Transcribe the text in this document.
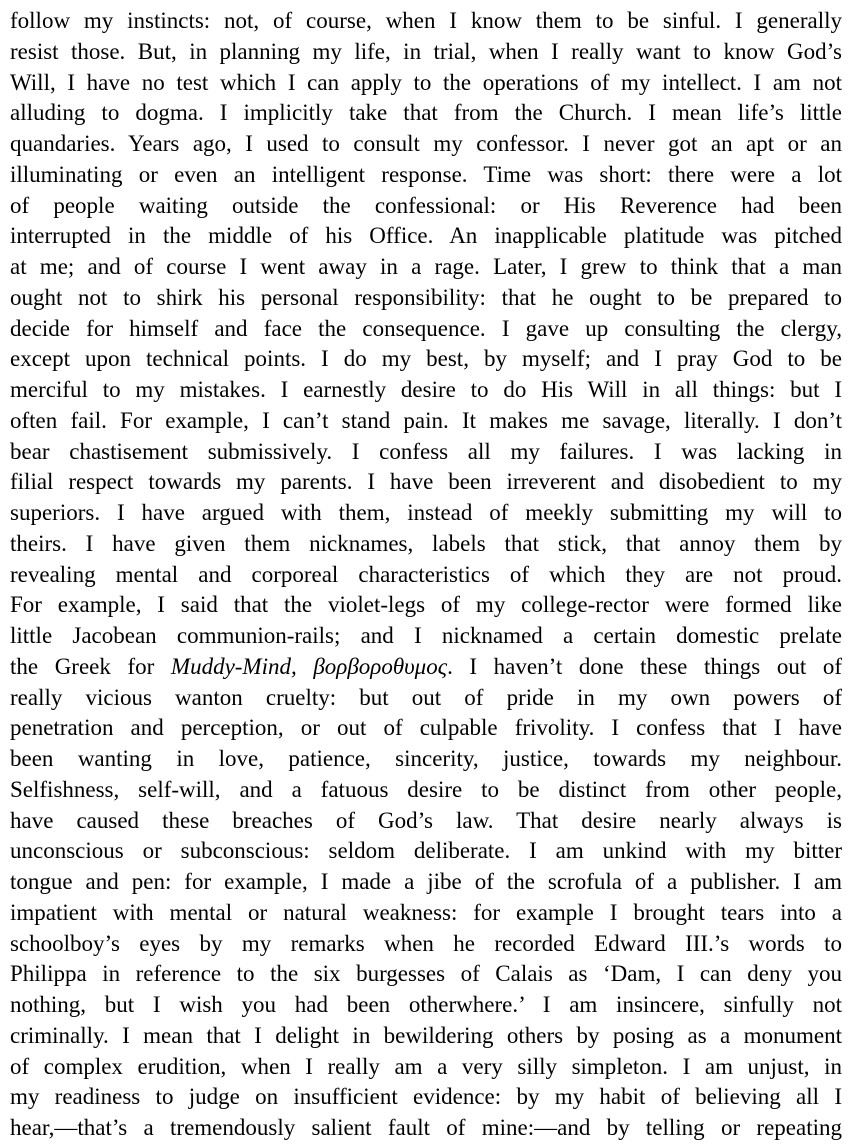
follow my instincts: not, of course, when I know them to be sinful. I generally
resist those. But, in planning my life, in trial, when I really want to know God’s
Will, I have no test which I can apply to the operations of my intellect. I am not
alluding to dogma. I implicitly take that from the Church. I mean life’s little
quandaries. Years ago, I used to consult my confessor. I never got an apt or an
illuminating or even an intelligent response. Time was short: there were a lot
of people waiting outside the confessional: or His Reverence had been
interrupted in the middle of his Office. An inapplicable platitude was pitched
at me; and of course I went away in a rage. Later, I grew to think that a man
ought not to shirk his personal responsibility: that he ought to be prepared to
decide for himself and face the consequence. I gave up consulting the clergy,
except upon technical points. I do my best, by myself; and I pray God to be
merciful to my mistakes. I earnestly desire to do His Will in all things: but I
often fail. For example, I can’t stand pain. It makes me savage, literally. I don’t
bear chastisement submissively. I confess all my failures. I was lacking in
filial respect towards my parents. I have been irreverent and disobedient to my
superiors. I have argued with them, instead of meekly submitting my will to
theirs. I have given them nicknames, labels that stick, that annoy them by
revealing mental and corporeal characteristics of which they are not proud.
For example, I said that the violet-legs of my college-rector were formed like
little Jacobean communion-rails; and I nicknamed a certain domestic prelate
the Greek for Muddy-Mind, βορβοροθυμος. I haven’t done these things out of
really vicious wanton cruelty: but out of pride in my own powers of
penetration and perception, or out of culpable frivolity. I confess that I have
been wanting in love, patience, sincerity, justice, towards my neighbour.
Selfishness, self-will, and a fatuous desire to be distinct from other people,
have caused these breaches of God’s law. That desire nearly always is
unconscious or subconscious: seldom deliberate. I am unkind with my bitter
tongue and pen: for example, I made a jibe of the scrofula of a publisher. I am
impatient with mental or natural weakness: for example I brought tears into a
schoolboy’s eyes by my remarks when he recorded Edward III.’s words to
Philippa in reference to the six burgesses of Calais as ‘Dam, I can deny you
nothing, but I wish you had been otherwhere.’ I am insincere, sinfully not
criminally. I mean that I delight in bewildering others by posing as a monument
of complex erudition, when I really am a very silly simpleton. I am unjust, in
my readiness to judge on insufficient evidence: by my habit of believing all I
hear,—that’s a tremendously salient fault of mine:—and by telling or repeating
